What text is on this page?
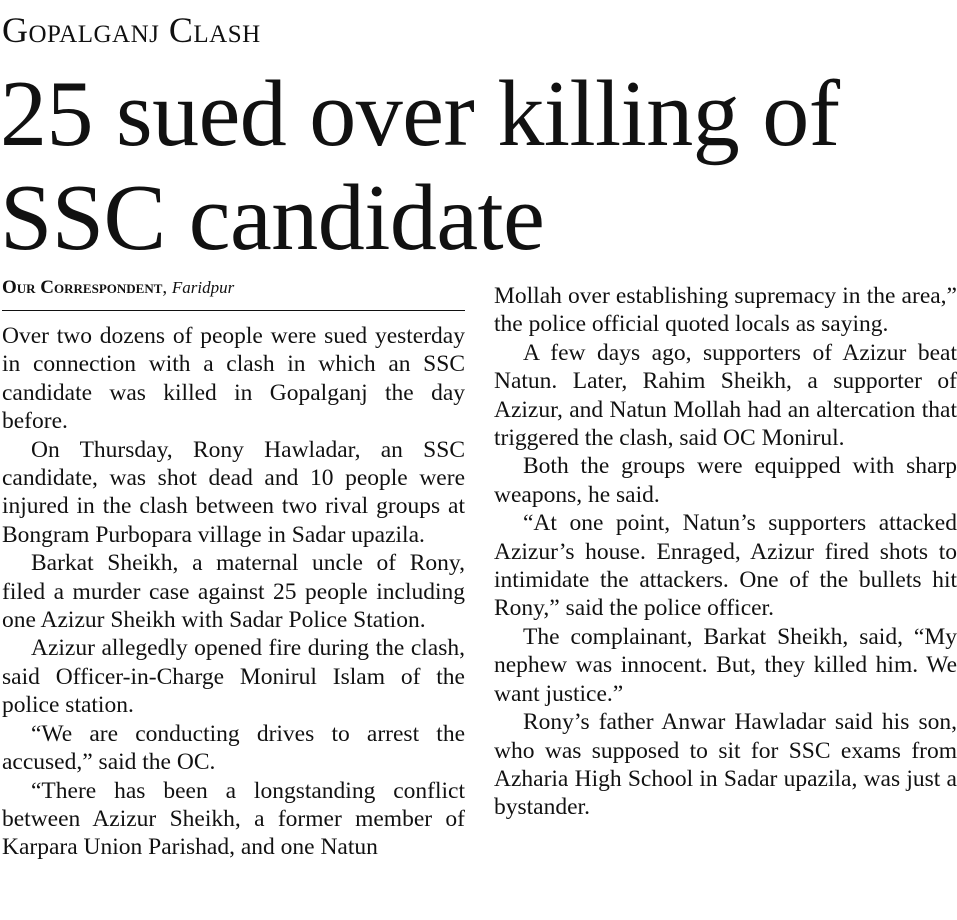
Gopalganj Clash
25 sued over killing of SSC candidate
Our Correspondent, Faridpur

Over two dozens of people were sued yesterday in connection with a clash in which an SSC candidate was killed in Gopalganj the day before.

On Thursday, Rony Hawladar, an SSC candidate, was shot dead and 10 people were injured in the clash between two rival groups at Bongram Purbopara village in Sadar upazila.

Barkat Sheikh, a maternal uncle of Rony, filed a murder case against 25 people including one Azizur Sheikh with Sadar Police Station.

Azizur allegedly opened fire during the clash, said Officer-in-Charge Monirul Islam of the police station.

“We are conducting drives to arrest the accused,” said the OC.

“There has been a longstanding conflict between Azizur Sheikh, a former member of Karpara Union Parishad, and one Natun

Mollah over establishing supremacy in the area,” the police official quoted locals as saying.

A few days ago, supporters of Azizur beat Natun. Later, Rahim Sheikh, a supporter of Azizur, and Natun Mollah had an altercation that triggered the clash, said OC Monirul.

Both the groups were equipped with sharp weapons, he said.

“At one point, Natun’s supporters attacked Azizur’s house. Enraged, Azizur fired shots to intimidate the attackers. One of the bullets hit Rony,” said the police officer.

The complainant, Barkat Sheikh, said, “My nephew was innocent. But, they killed him. We want justice.”

Rony’s father Anwar Hawladar said his son, who was supposed to sit for SSC exams from Azharia High School in Sadar upazila, was just a bystander.
